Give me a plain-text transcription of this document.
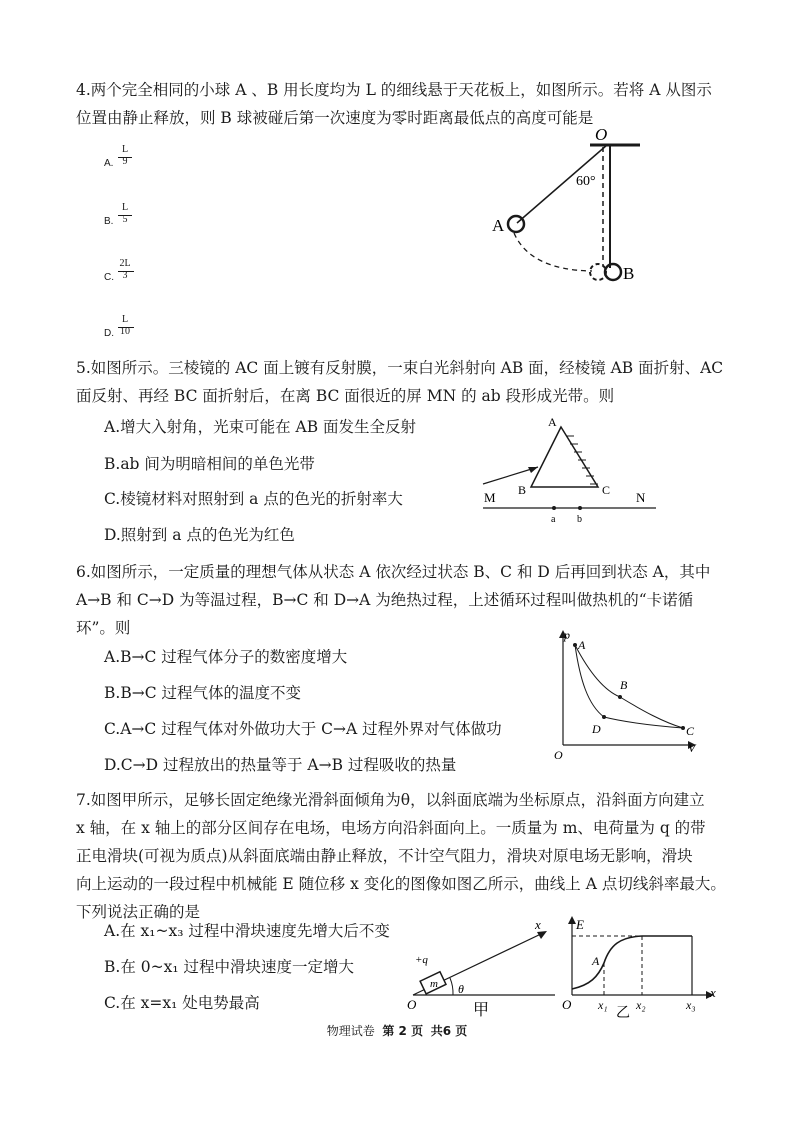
4.两个完全相同的小球 A 、B 用长度均为 L 的细线悬于天花板上，如图所示。若将 A 从图示
位置由静止释放，则 B 球被碰后第一次速度为零时距离最低点的高度可能是
A.
L
9
B.
L
5
C.
2L
3
D.
L
10
O
60°
A
B
5.如图所示。三棱镜的 AC 面上镀有反射膜，一束白光斜射向 AB 面，经棱镜 AB 面折射、AC
面反射、再经 BC 面折射后，在离 BC 面很近的屏 MN 的 ab 段形成光带。则
A.增大入射角，光束可能在 AB 面发生全反射
B.ab 间为明暗相间的单色光带
C.棱镜材料对照射到 a 点的色光的折射率大
D.照射到 a 点的色光为红色
A
B	C
M	N
a b
6.如图所示，一定质量的理想气体从状态 A 依次经过状态 B、C 和 D 后再回到状态 A，其中
A→B 和 C→D 为等温过程，B→C 和 D→A 为绝热过程，上述循环过程叫做热机的“卡诺循
环”。则
A.B→C 过程气体分子的数密度增大
B.B→C 过程气体的温度不变
C.A→C 过程气体对外做功大于 C→A 过程外界对气体做功
D.C→D 过程放出的热量等于 A→B 过程吸收的热量
p
V
O
A
B
C
D
7.如图甲所示，足够长固定绝缘光滑斜面倾角为θ，以斜面底端为坐标原点，沿斜面方向建立
x 轴，在 x 轴上的部分区间存在电场，电场方向沿斜面向上。一质量为 m、电荷量为 q 的带
正电滑块(可视为质点)从斜面底端由静止释放，不计空气阻力，滑块对原电场无影响，滑块
向上运动的一段过程中机械能 E 随位移 x 变化的图像如图乙所示，曲线上 A 点切线斜率最大。
下列说法正确的是
A.在 x₁~x₃ 过程中滑块速度先增大后不变
B.在 0~x₁ 过程中滑块速度一定增大
C.在 x=x₁ 处电势最高
x
m
+q
θ
O	甲
E
x
O
A
x₁ x₂	x₃
乙
物理试卷 第 2 页 共6 页
